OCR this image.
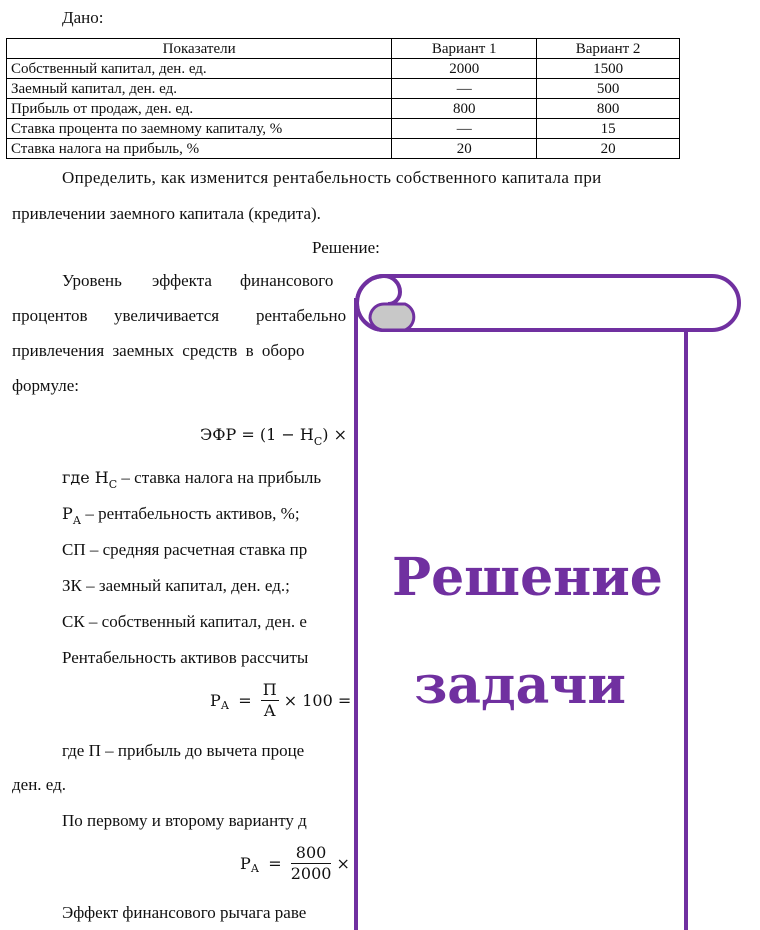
Дано:
Показатели	Вариант 1	Вариант 2
Собственный капитал, ден. ед.	2000	1500
Заемный капитал, ден. ед.	—	500
Прибыль от продаж, ден. ед.	800	800
Ставка процента по заемному капиталу, %	—	15
Ставка налога на прибыль, %	20	20
Определить, как изменится рентабельность собственного капитала при
привлечении заемного капитала (кредита).
Решение:
Уровень эффекта финансового
процентов увеличивается рентабельно
привлечения заемных средств в оборо
формуле:
ЭФР = $(1 - Н_С)$ ×
где $Н_С$ – ставка налога на прибыль
$Р_А$ – рентабельность активов, %;
СП – средняя расчетная ставка пр
ЗК – заемный капитал, ден. ед.;
СК – собственный капитал, ден. е
Рентабельность активов рассчиты
$Р_А = \frac{П}{А} \times 100$ =
где П – прибыль до вычета проце
ден. ед.
По первому и второму варианту д
$Р_А = \frac{800}{2000}$ ×
Эффект финансового рычага раве
Решение
задачи
